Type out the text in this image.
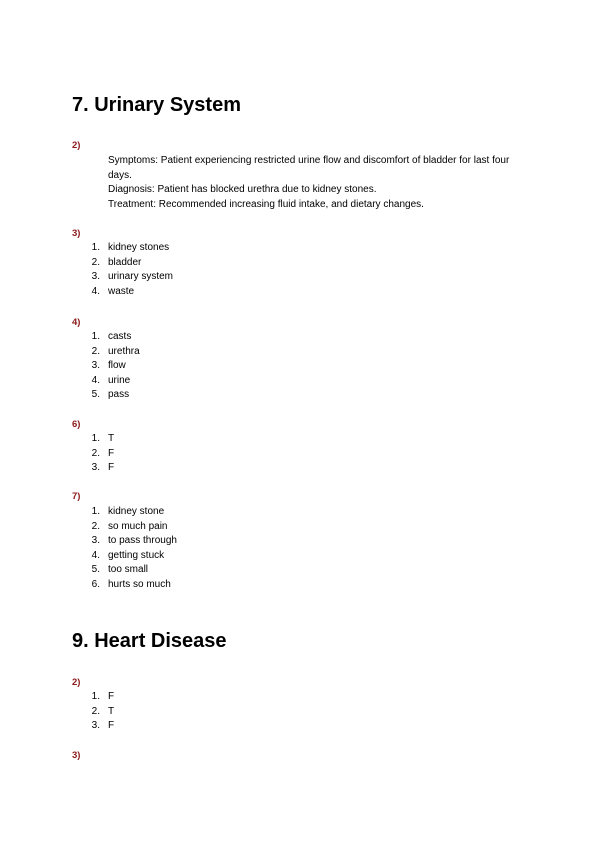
7. Urinary System
2)
Symptoms: Patient experiencing restricted urine flow and discomfort of bladder for last four days.
Diagnosis: Patient has blocked urethra due to kidney stones.
Treatment: Recommended increasing fluid intake, and dietary changes.
3)
1. kidney stones
2. bladder
3. urinary system
4. waste
4)
1. casts
2. urethra
3. flow
4. urine
5. pass
6)
1. T
2. F
3. F
7)
1. kidney stone
2. so much pain
3. to pass through
4. getting stuck
5. too small
6. hurts so much
9. Heart Disease
2)
1. F
2. T
3. F
3)
